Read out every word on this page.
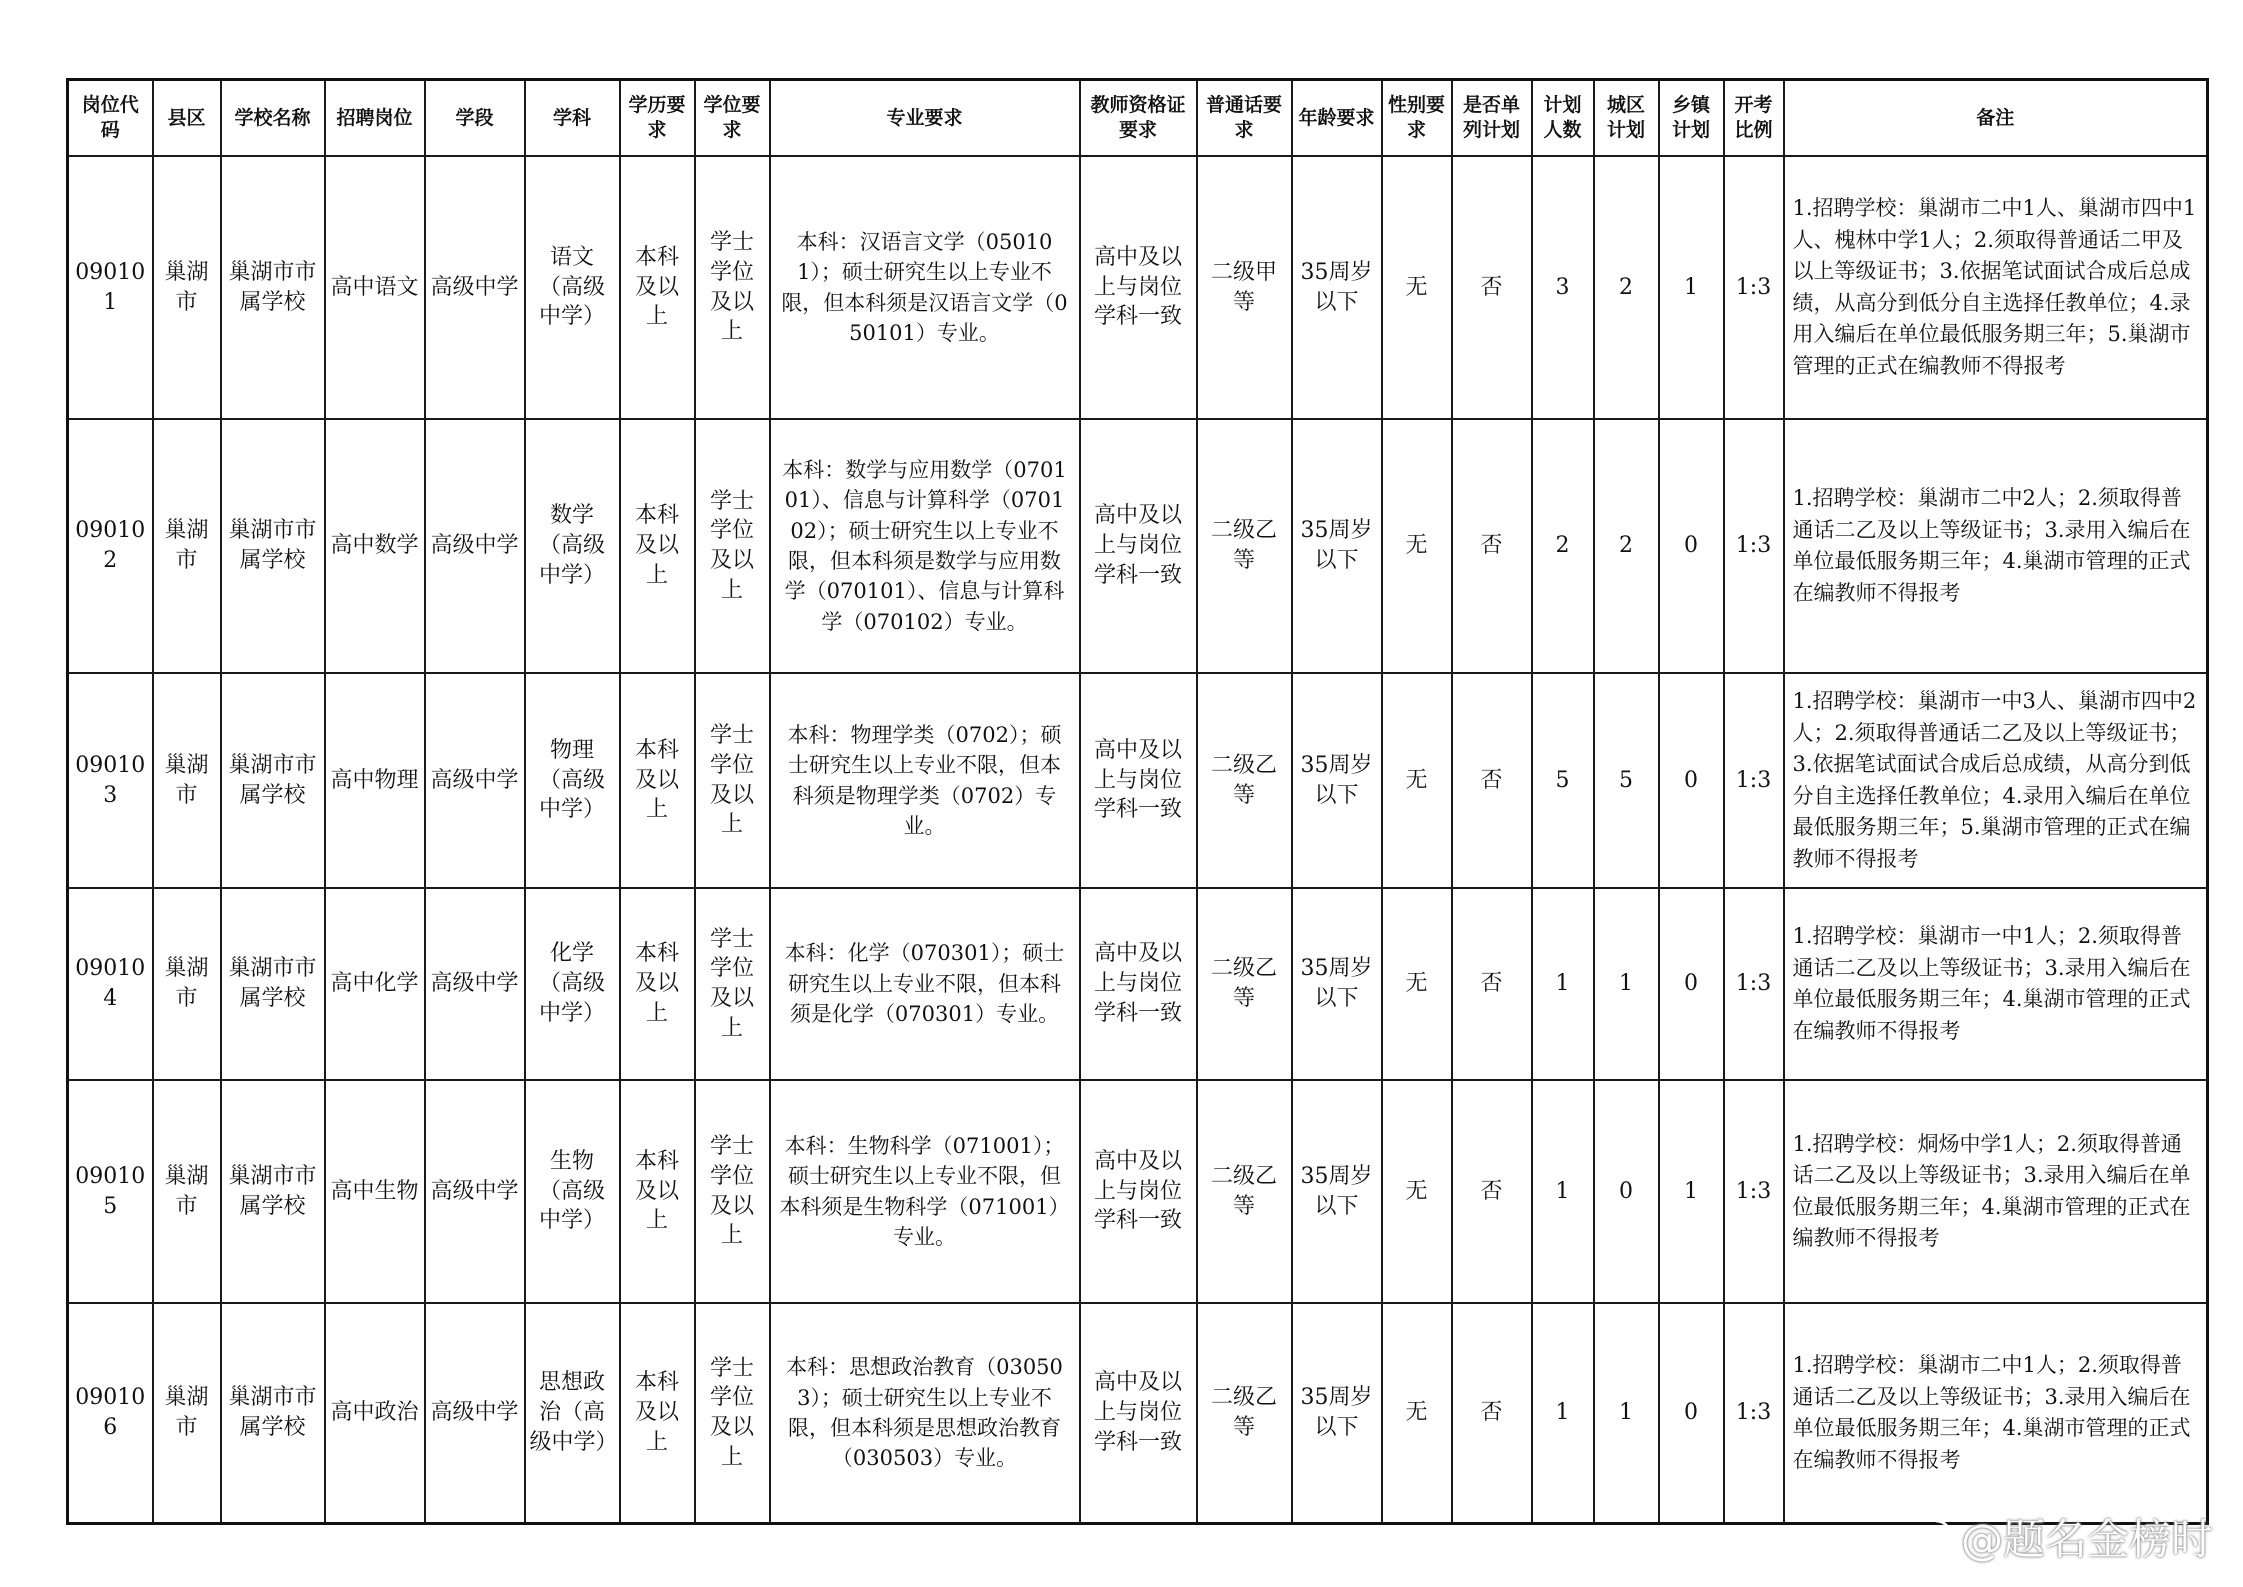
岗位代码	县区	学校名称	招聘岗位	学段	学科	学历要求	学位要求	专业要求	教师资格证要求	普通话要求	年龄要求	性别要求	是否单列计划	计划人数	城区计划	乡镇计划	开考比例	备注
090101	巢湖市	巢湖市市属学校	高中语文	高级中学	语文（高级中学）	本科及以上	学士学位及以上	本科：汉语言文学（050101）；硕士研究生以上专业不限，但本科须是汉语言文学（050101）专业。	高中及以上与岗位学科一致	二级甲等	35周岁以下	无	否	3	2	1	1:3	1.招聘学校：巢湖市二中1人、巢湖市四中1人、槐林中学1人；2.须取得普通话二甲及以上等级证书；3.依据笔试面试合成后总成绩，从高分到低分自主选择任教单位；4.录用入编后在单位最低服务期三年；5.巢湖市管理的正式在编教师不得报考
090102	巢湖市	巢湖市市属学校	高中数学	高级中学	数学（高级中学）	本科及以上	学士学位及以上	本科：数学与应用数学（070101）、信息与计算科学（070102）；硕士研究生以上专业不限，但本科须是数学与应用数学（070101）、信息与计算科学（070102）专业。	高中及以上与岗位学科一致	二级乙等	35周岁以下	无	否	2	2	0	1:3	1.招聘学校：巢湖市二中2人；2.须取得普通话二乙及以上等级证书；3.录用入编后在单位最低服务期三年；4.巢湖市管理的正式在编教师不得报考
090103	巢湖市	巢湖市市属学校	高中物理	高级中学	物理（高级中学）	本科及以上	学士学位及以上	本科：物理学类（0702）；硕士研究生以上专业不限，但本科须是物理学类（0702）专业。	高中及以上与岗位学科一致	二级乙等	35周岁以下	无	否	5	5	0	1:3	1.招聘学校：巢湖市一中3人、巢湖市四中2人；2.须取得普通话二乙及以上等级证书；3.依据笔试面试合成后总成绩，从高分到低分自主选择任教单位；4.录用入编后在单位最低服务期三年；5.巢湖市管理的正式在编教师不得报考
090104	巢湖市	巢湖市市属学校	高中化学	高级中学	化学（高级中学）	本科及以上	学士学位及以上	本科：化学（070301）；硕士研究生以上专业不限，但本科须是化学（070301）专业。	高中及以上与岗位学科一致	二级乙等	35周岁以下	无	否	1	1	0	1:3	1.招聘学校：巢湖市一中1人；2.须取得普通话二乙及以上等级证书；3.录用入编后在单位最低服务期三年；4.巢湖市管理的正式在编教师不得报考
090105	巢湖市	巢湖市市属学校	高中生物	高级中学	生物（高级中学）	本科及以上	学士学位及以上	本科：生物科学（071001）；硕士研究生以上专业不限，但本科须是生物科学（071001）专业。	高中及以上与岗位学科一致	二级乙等	35周岁以下	无	否	1	0	1	1:3	1.招聘学校：烔炀中学1人；2.须取得普通话二乙及以上等级证书；3.录用入编后在单位最低服务期三年；4.巢湖市管理的正式在编教师不得报考
090106	巢湖市	巢湖市市属学校	高中政治	高级中学	思想政治（高级中学）	本科及以上	学士学位及以上	本科：思想政治教育（030503）；硕士研究生以上专业不限，但本科须是思想政治教育（030503）专业。	高中及以上与岗位学科一致	二级乙等	35周岁以下	无	否	1	1	0	1:3	1.招聘学校：巢湖市二中1人；2.须取得普通话二乙及以上等级证书；3.录用入编后在单位最低服务期三年；4.巢湖市管理的正式在编教师不得报考
@题名金榜时
